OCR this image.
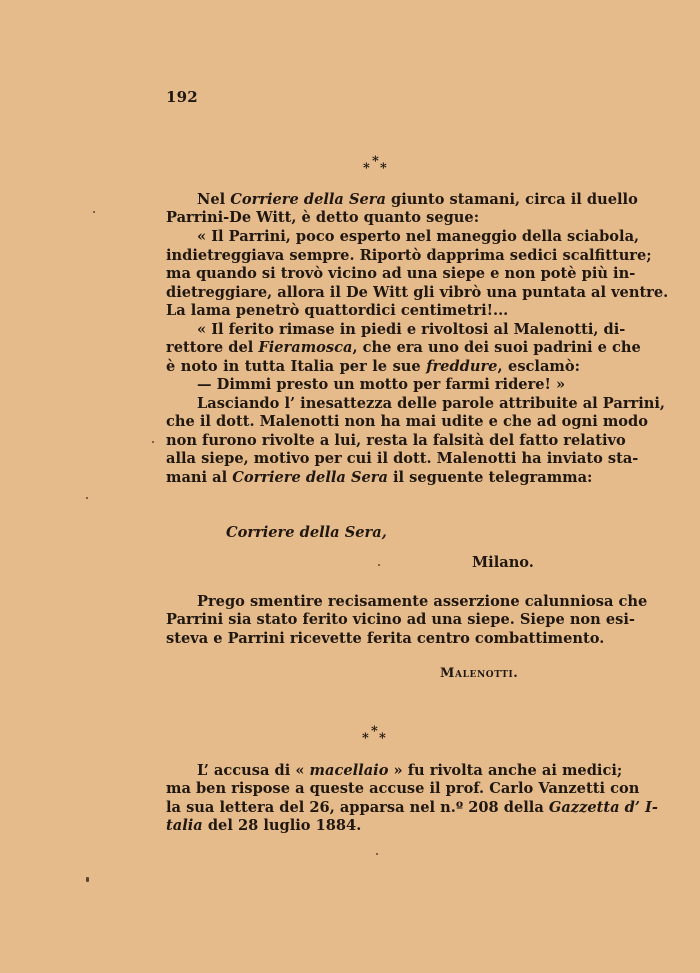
192
*
* *
Nel Corriere della Sera giunto stamani, circa il duello
Parrini-De Witt, è detto quanto segue:
« Il Parrini, poco esperto nel maneggio della sciabola,
indietreggiava sempre. Riportò dapprima sedici scalfitture;
ma quando si trovò vicino ad una siepe e non potè più in-
dietreggiare, allora il De Witt gli vibrò una puntata al ventre.
La lama penetrò quattordici centimetri!...
« Il ferito rimase in piedi e rivoltosi al Malenotti, di-
rettore del Fieramosca, che era uno dei suoi padrini e che
è noto in tutta Italia per le sue freddure, esclamò:
— Dimmi presto un motto per farmi ridere! »
Lasciando l’ inesattezza delle parole attribuite al Parrini,
che il dott. Malenotti non ha mai udite e che ad ogni modo
non furono rivolte a lui, resta la falsità del fatto relativo
alla siepe, motivo per cui il dott. Malenotti ha inviato sta-
mani al Corriere della Sera il seguente telegramma:
Corriere della Sera,
Milano.
Prego smentire recisamente asserzione calunniosa che
Parrini sia stato ferito vicino ad una siepe. Siepe non esi-
steva e Parrini ricevette ferita centro combattimento.
Malenotti.
*
* *
L’ accusa di « macellaio » fu rivolta anche ai medici;
ma ben rispose a queste accuse il prof. Carlo Vanzetti con
la sua lettera del 26, apparsa nel n.º 208 della Gazzetta d’ I-
talia del 28 luglio 1884.
